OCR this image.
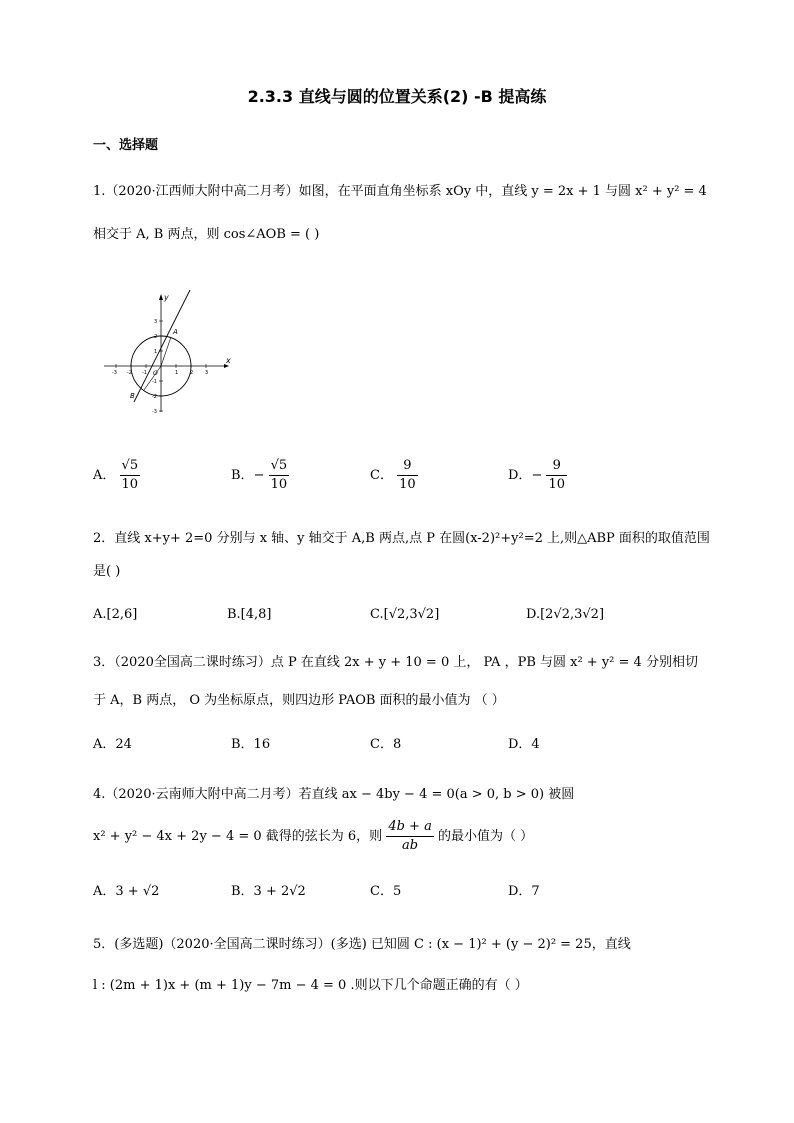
2.3.3 直线与圆的位置关系(2) -B 提高练
一、选择题
1.（2020·江西师大附中高二月考）如图，在平面直角坐标系 xOy 中，直线 y = 2x + 1 与圆 x² + y² = 4
相交于 A, B 两点，则 cos∠AOB = ( )
x
y
-3 -2 -1	1 2 3
3
2
1
-1
-2
-3
A
B
O
A． $\frac{√5}{10}$	B．− $\frac{√5}{10}$	C． $\frac{9}{10}$	D．− $\frac{9}{10}$
2．直线 x+y+ 2=0 分别与 x 轴、y 轴交于 A,B 两点,点 P 在圆(x-2)²+y²=2 上,则△ABP 面积的取值范围
是( )
A.[2,6]	B.[4,8]	C.[√2,3√2]	D.[2√2,3√2]
3．（2020全国高二课时练习）点 P 在直线 2x + y + 10 = 0 上， PA ，PB 与圆 x² + y² = 4 分别相切
于 A，B 两点， O 为坐标原点，则四边形 PAOB 面积的最小值为 （ ）
A．24	B．16	C．8	D．4
4.（2020·云南师大附中高二月考）若直线 ax − 4by − 4 = 0(a > 0, b > 0) 被圆
x² + y² − 4x + 2y − 4 = 0 截得的弦长为 6，则 $\frac{4b + a}{ab}$ 的最小值为（ ）
A．3 + √2	B．3 + 2√2	C．5	D．7
5．(多选题)（2020·全国高二课时练习）(多选) 已知圆 C : (x − 1)² + (y − 2)² = 25，直线
l : (2m + 1)x + (m + 1)y − 7m − 4 = 0 .则以下几个命题正确的有（ ）
